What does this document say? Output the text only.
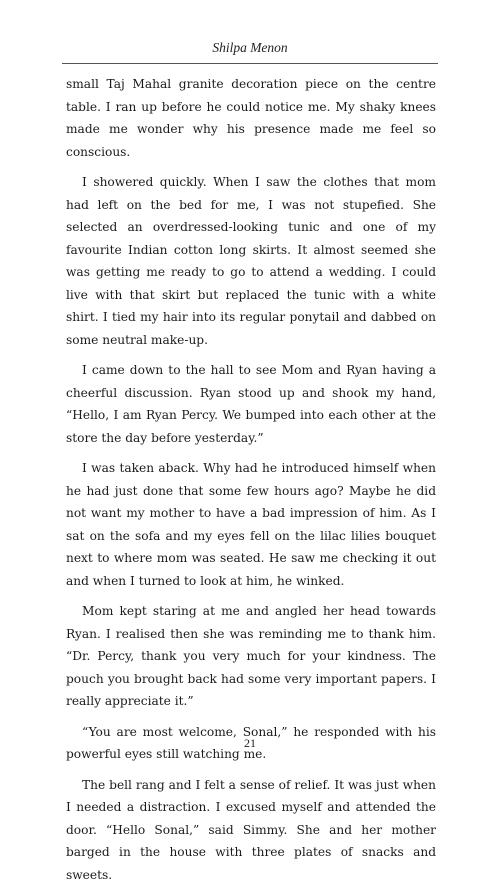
Shilpa Menon

small Taj Mahal granite decoration piece on the centre table. I ran up before he could notice me. My shaky knees made me wonder why his presence made me feel so conscious.

I showered quickly. When I saw the clothes that mom had left on the bed for me, I was not stupefied. She selected an overdressed-looking tunic and one of my favourite Indian cotton long skirts. It almost seemed she was getting me ready to go to attend a wedding. I could live with that skirt but replaced the tunic with a white shirt. I tied my hair into its regular ponytail and dabbed on some neutral make-up.

I came down to the hall to see Mom and Ryan having a cheerful discussion. Ryan stood up and shook my hand, “Hello, I am Ryan Percy. We bumped into each other at the store the day before yesterday.”

I was taken aback. Why had he introduced himself when he had just done that some few hours ago? Maybe he did not want my mother to have a bad impression of him. As I sat on the sofa and my eyes fell on the lilac lilies bouquet next to where mom was seated. He saw me checking it out and when I turned to look at him, he winked.

Mom kept staring at me and angled her head towards Ryan. I realised then she was reminding me to thank him. “Dr. Percy, thank you very much for your kindness. The pouch you brought back had some very important papers. I really appreciate it.”

“You are most welcome, Sonal,” he responded with his powerful eyes still watching me.

The bell rang and I felt a sense of relief. It was just when I needed a distraction. I excused myself and attended the door. “Hello Sonal,” said Simmy. She and her mother barged in the house with three plates of snacks and sweets.

21
